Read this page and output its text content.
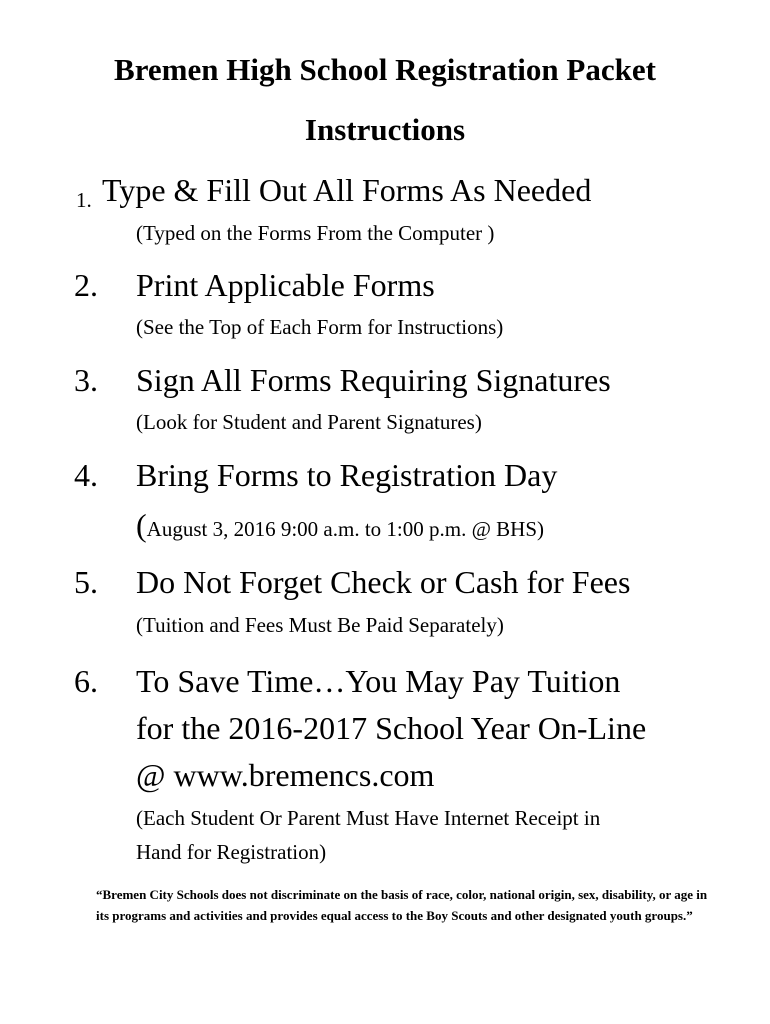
Bremen High School Registration Packet
Instructions
1. Type & Fill Out All Forms As Needed
(Typed on the Forms From the Computer )
2. Print Applicable Forms
(See the Top of Each Form for Instructions)
3. Sign All Forms Requiring Signatures
(Look for Student and Parent Signatures)
4. Bring Forms to Registration Day
(August 3, 2016 9:00 a.m. to 1:00 p.m. @ BHS)
5. Do Not Forget Check or Cash for Fees
(Tuition and Fees Must Be Paid Separately)
6. To Save Time…You May Pay Tuition
for the 2016-2017 School Year On-Line
@ www.bremencs.com
(Each Student Or Parent Must Have Internet Receipt in
Hand for Registration)
“Bremen City Schools does not discriminate on the basis of race, color, national origin, sex, disability, or age in its programs and activities and provides equal access to the Boy Scouts and other designated youth groups.”
